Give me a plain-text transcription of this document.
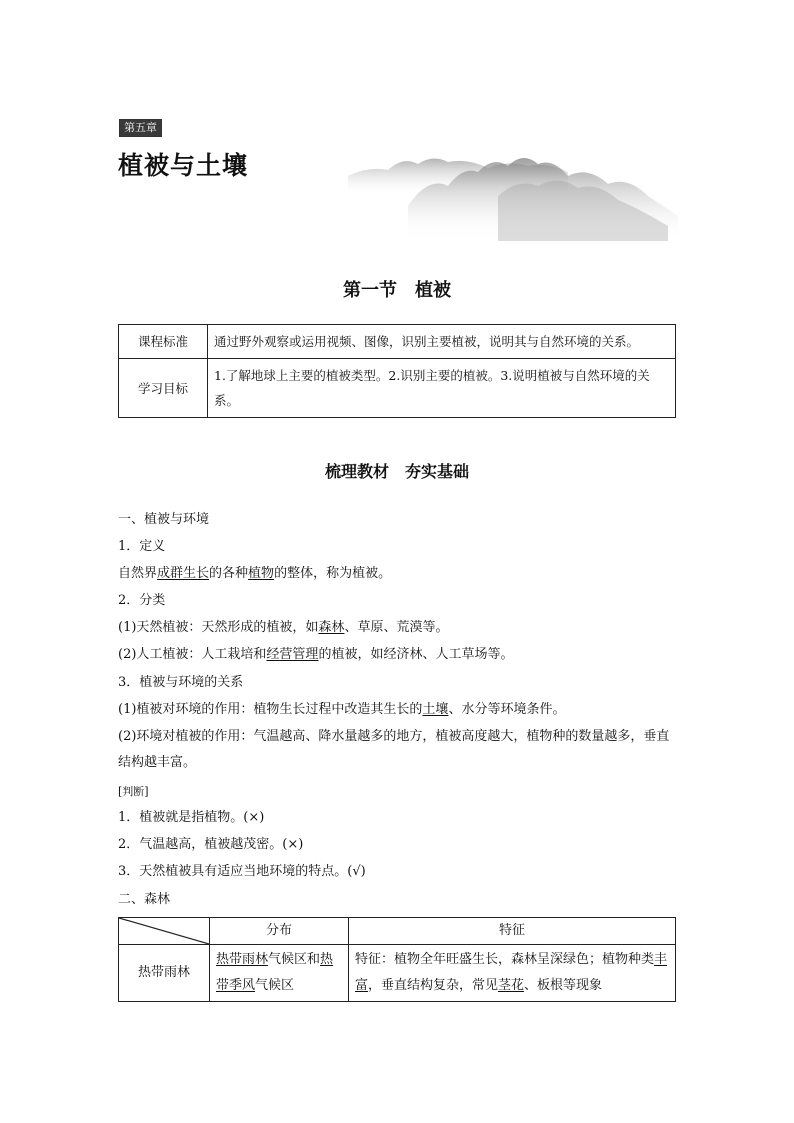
第五章
植被与土壤
第一节　植被
课程标准	通过野外观察或运用视频、图像，识别主要植被，说明其与自然环境的关系。
学习目标	1.了解地球上主要的植被类型。2.识别主要的植被。3.说明植被与自然环境的关系。
梳理教材　夯实基础
一、植被与环境
1．定义
自然界成群生长的各种植物的整体，称为植被。
2．分类
(1)天然植被：天然形成的植被，如森林、草原、荒漠等。
(2)人工植被：人工栽培和经营管理的植被，如经济林、人工草场等。
3．植被与环境的关系
(1)植被对环境的作用：植物生长过程中改造其生长的土壤、水分等环境条件。
(2)环境对植被的作用：气温越高、降水量越多的地方，植被高度越大，植物种的数量越多，垂直结构越丰富。
[判断]
1．植被就是指植物。(×)
2．气温越高，植被越茂密。(×)
3．天然植被具有适应当地环境的特点。(√)
二、森林
	分布	特征
热带雨林	热带雨林气候区和热带季风气候区	特征：植物全年旺盛生长，森林呈深绿色；植物种类丰富，垂直结构复杂，常见茎花、板根等现象
